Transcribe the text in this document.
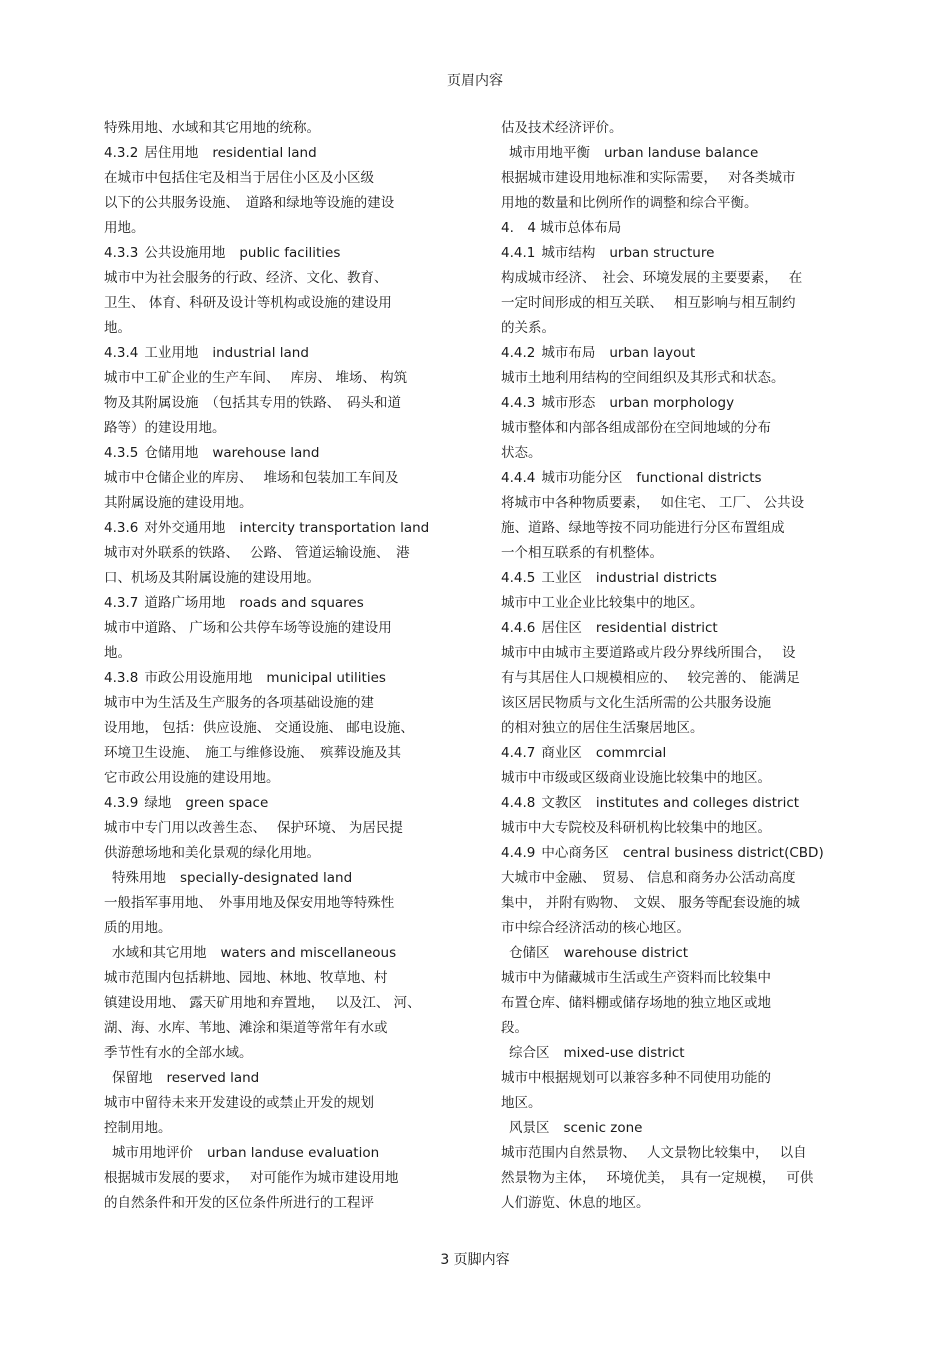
页眉内容
特殊用地、水域和其它用地的统称。
4.3.2 居住用地 residential land
在城市中包括住宅及相当于居住小区及小区级
以下的公共服务设施、　道路和绿地等设施的建设
用地。
4.3.3 公共设施用地 public facilities
城市中为社会服务的行政、经济、文化、教育、
卫生、 体育、科研及设计等机构或设施的建设用
地。
4.3.4 工业用地 industrial land
城市中工矿企业的生产车间、　 库房、 堆场、 构筑
物及其附属设施　（包括其专用的铁路、　码头和道
路等）的建设用地。
4.3.5 仓储用地 warehouse land
城市中仓储企业的库房、　 堆场和包装加工车间及
其附属设施的建设用地。
4.3.6 对外交通用地 intercity transportation land
城市对外联系的铁路、　 公路、 管道运输设施、　港
口、机场及其附属设施的建设用地。
4.3.7 道路广场用地 roads and squares
城市中道路、 广场和公共停车场等设施的建设用
地。
4.3.8 市政公用设施用地 municipal utilities
城市中为生活及生产服务的各项基础设施的建
设用地， 包括：供应设施、 交通设施、 邮电设施、
环境卫生设施、　施工与维修设施、　殡葬设施及其
它市政公用设施的建设用地。
4.3.9 绿地 green space
城市中专门用以改善生态、　 保护环境、 为居民提
供游憩场地和美化景观的绿化用地。
特殊用地 specially-designated land
一般指军事用地、　外事用地及保安用地等特殊性
质的用地。
水域和其它用地 waters and miscellaneous
城市范围内包括耕地、园地、林地、牧草地、村
镇建设用地、 露天矿用地和弃置地，　 以及江、 河、
湖、海、水库、苇地、滩涂和渠道等常年有水或
季节性有水的全部水域。
保留地 reserved land
城市中留待未来开发建设的或禁止开发的规划
控制用地。
城市用地评价 urban landuse evaluation
根据城市发展的要求，　 对可能作为城市建设用地
的自然条件和开发的区位条件所进行的工程评
估及技术经济评价。
城市用地平衡 urban landuse balance
根据城市建设用地标准和实际需要，　 对各类城市
用地的数量和比例所作的调整和综合平衡。
4.　4 城市总体布局
4.4.1 城市结构 urban structure
构成城市经济、　社会、环境发展的主要要素，　 在
一定时间形成的相互关联、　 相互影响与相互制约
的关系。
4.4.2 城市布局 urban layout
城市土地利用结构的空间组织及其形式和状态。
4.4.3 城市形态 urban morphology
城市整体和内部各组成部份在空间地域的分布
状态。
4.4.4 城市功能分区 functional districts
将城市中各种物质要素，　 如住宅、 工厂、 公共设
施、道路、绿地等按不同功能进行分区布置组成
一个相互联系的有机整体。
4.4.5 工业区 industrial districts
城市中工业企业比较集中的地区。
4.4.6 居住区 residential district
城市中由城市主要道路或片段分界线所围合，　 设
有与其居住人口规模相应的、　 较完善的、 能满足
该区居民物质与文化生活所需的公共服务设施
的相对独立的居住生活聚居地区。
4.4.7 商业区 commrcial
城市中市级或区级商业设施比较集中的地区。
4.4.8 文教区 institutes and colleges district
城市中大专院校及科研机构比较集中的地区。
4.4.9 中心商务区 central business district(CBD)
大城市中金融、　贸易、 信息和商务办公活动高度
集中， 并附有购物、　文娱、 服务等配套设施的城
市中综合经济活动的核心地区。
仓储区 warehouse district
城市中为储藏城市生活或生产资料而比较集中
布置仓库、储料棚或储存场地的独立地区或地
段。
综合区 mixed-use district
城市中根据规划可以兼容多种不同使用功能的
地区。
风景区 scenic zone
城市范围内自然景物、　 人文景物比较集中，　 以自
然景物为主体，　 环境优美，　具有一定规模，　 可供
人们游览、休息的地区。
3 页脚内容
